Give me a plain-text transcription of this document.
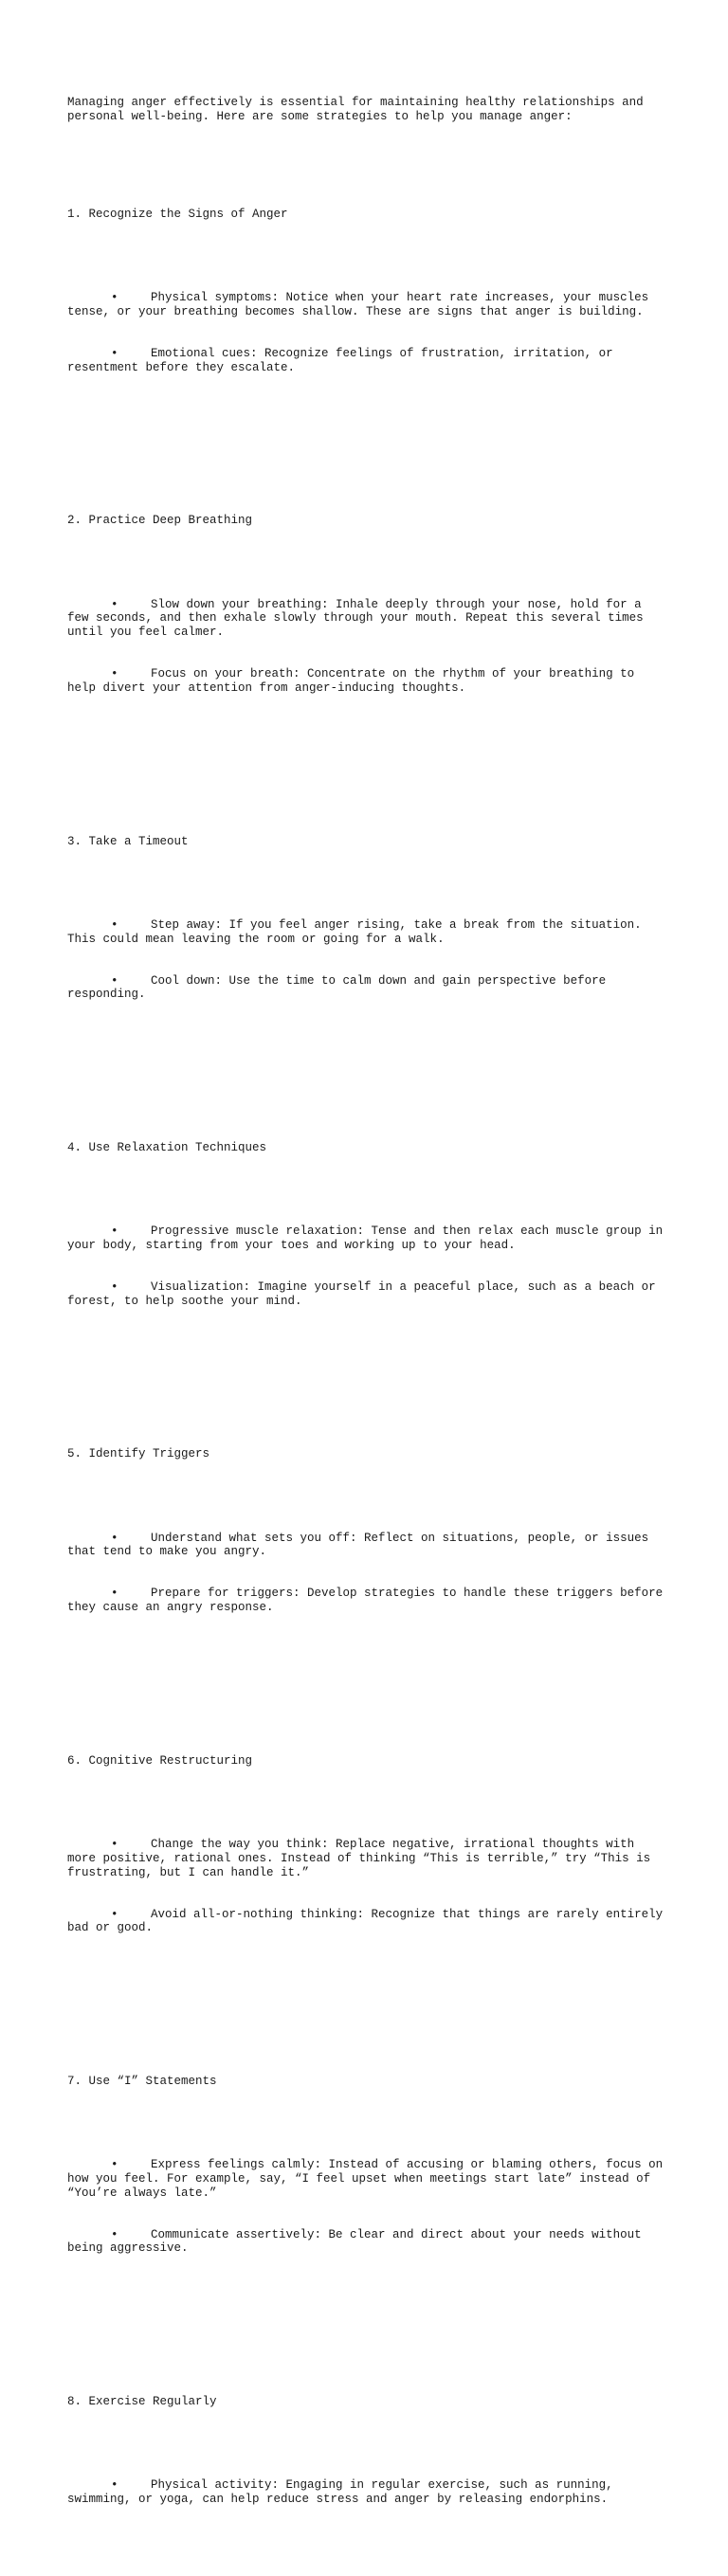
Managing anger effectively is essential for maintaining healthy relationships and personal well-being. Here are some strategies to help you manage anger:

1. Recognize the Signs of Anger

•	Physical symptoms: Notice when your heart rate increases, your muscles tense, or your breathing becomes shallow. These are signs that anger is building.

•	Emotional cues: Recognize feelings of frustration, irritation, or resentment before they escalate.

2. Practice Deep Breathing

•	Slow down your breathing: Inhale deeply through your nose, hold for a few seconds, and then exhale slowly through your mouth. Repeat this several times until you feel calmer.

•	Focus on your breath: Concentrate on the rhythm of your breathing to help divert your attention from anger-inducing thoughts.

3. Take a Timeout

•	Step away: If you feel anger rising, take a break from the situation. This could mean leaving the room or going for a walk.

•	Cool down: Use the time to calm down and gain perspective before responding.

4. Use Relaxation Techniques

•	Progressive muscle relaxation: Tense and then relax each muscle group in your body, starting from your toes and working up to your head.

•	Visualization: Imagine yourself in a peaceful place, such as a beach or forest, to help soothe your mind.

5. Identify Triggers

•	Understand what sets you off: Reflect on situations, people, or issues that tend to make you angry.

•	Prepare for triggers: Develop strategies to handle these triggers before they cause an angry response.

6. Cognitive Restructuring

•	Change the way you think: Replace negative, irrational thoughts with more positive, rational ones. Instead of thinking “This is terrible,” try “This is frustrating, but I can handle it.”

•	Avoid all-or-nothing thinking: Recognize that things are rarely entirely bad or good.

7. Use “I” Statements

•	Express feelings calmly: Instead of accusing or blaming others, focus on how you feel. For example, say, “I feel upset when meetings start late” instead of “You’re always late.”

•	Communicate assertively: Be clear and direct about your needs without being aggressive.

8. Exercise Regularly

•	Physical activity: Engaging in regular exercise, such as running, swimming, or yoga, can help reduce stress and anger by releasing endorphins.
